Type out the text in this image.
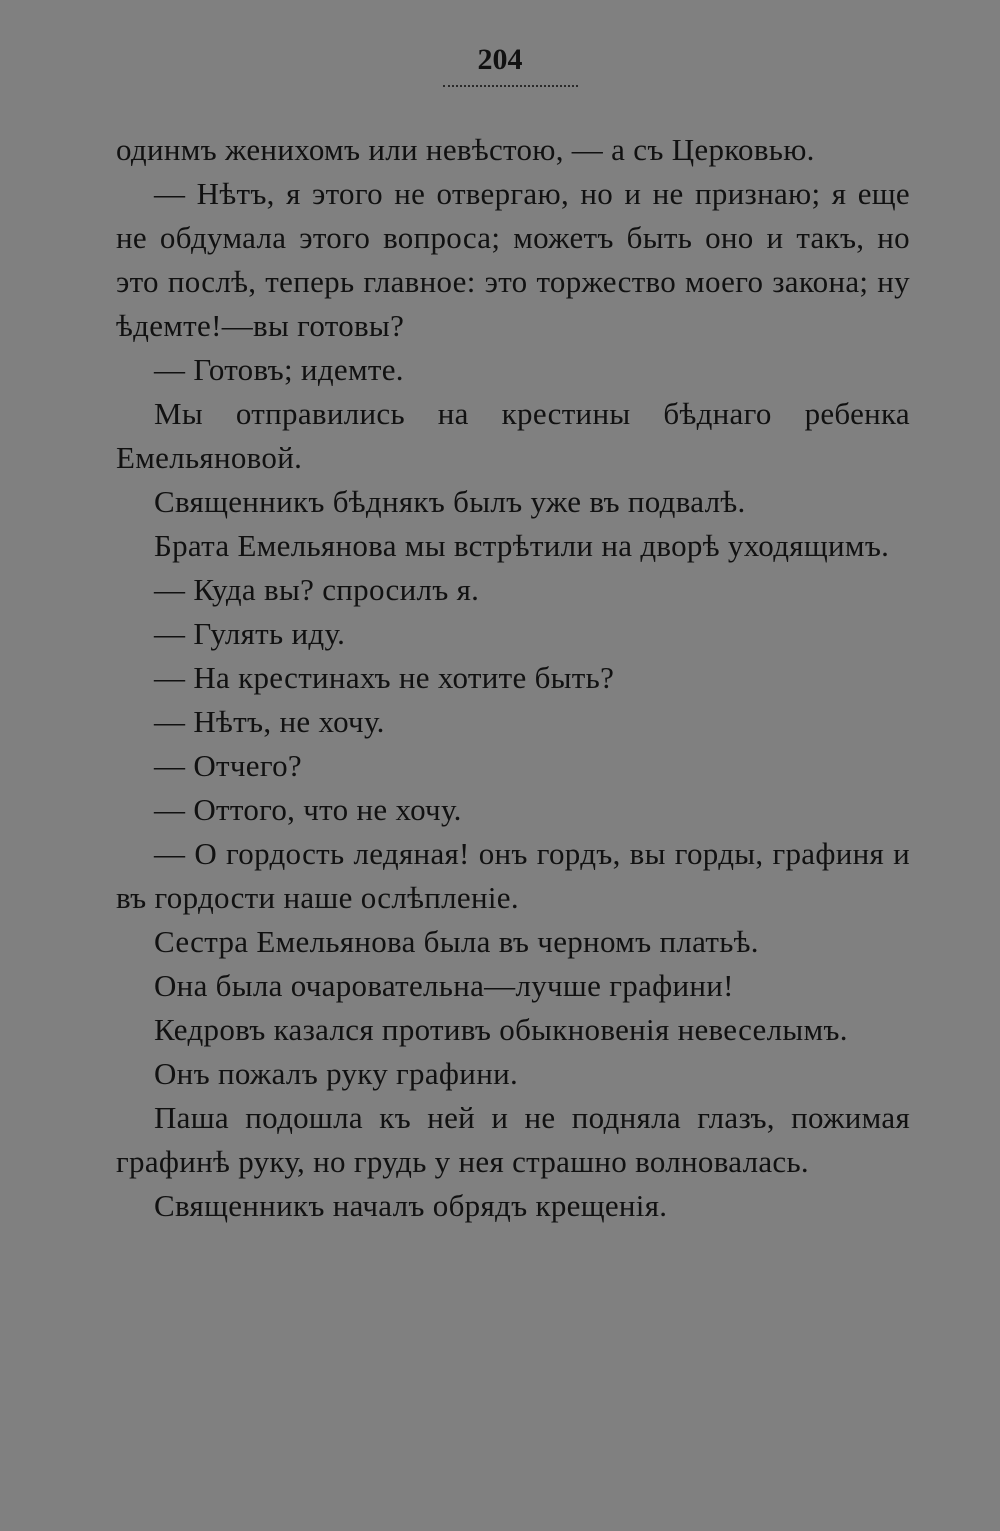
204

одинмъ женихомъ или невѣстою, — а съ Церковью.

— Нѣтъ, я этого не отвергаю, но и не признаю; я еще не обдумала этого вопроса; можетъ быть оно и такъ, но это послѣ, теперь главное: это торжество моего закона; ну ѣдемте!—вы готовы?

— Готовъ; идемте.

Мы отправились на крестины бѣднаго ребенка Емельяновой.

Священникъ бѣднякъ былъ уже въ подвалѣ.

Брата Емельянова мы встрѣтили на дворѣ уходящимъ.

— Куда вы? спросилъ я.

— Гулять иду.

— На крестинахъ не хотите быть?

— Нѣтъ, не хочу.

— Отчего?

— Оттого, что не хочу.

— О гордость ледяная! онъ гордъ, вы горды, графиня и въ гордости наше ослѣпленіе.

Сестра Емельянова была въ черномъ платьѣ.

Она была очаровательна—лучше графини!

Кедровъ казался противъ обыкновенія невеселымъ.

Онъ пожалъ руку графини.

Паша подошла къ ней и не подняла глазъ, пожимая графинѣ руку, но грудь у нея страшно волновалась.

Священникъ началъ обрядъ крещенія.
